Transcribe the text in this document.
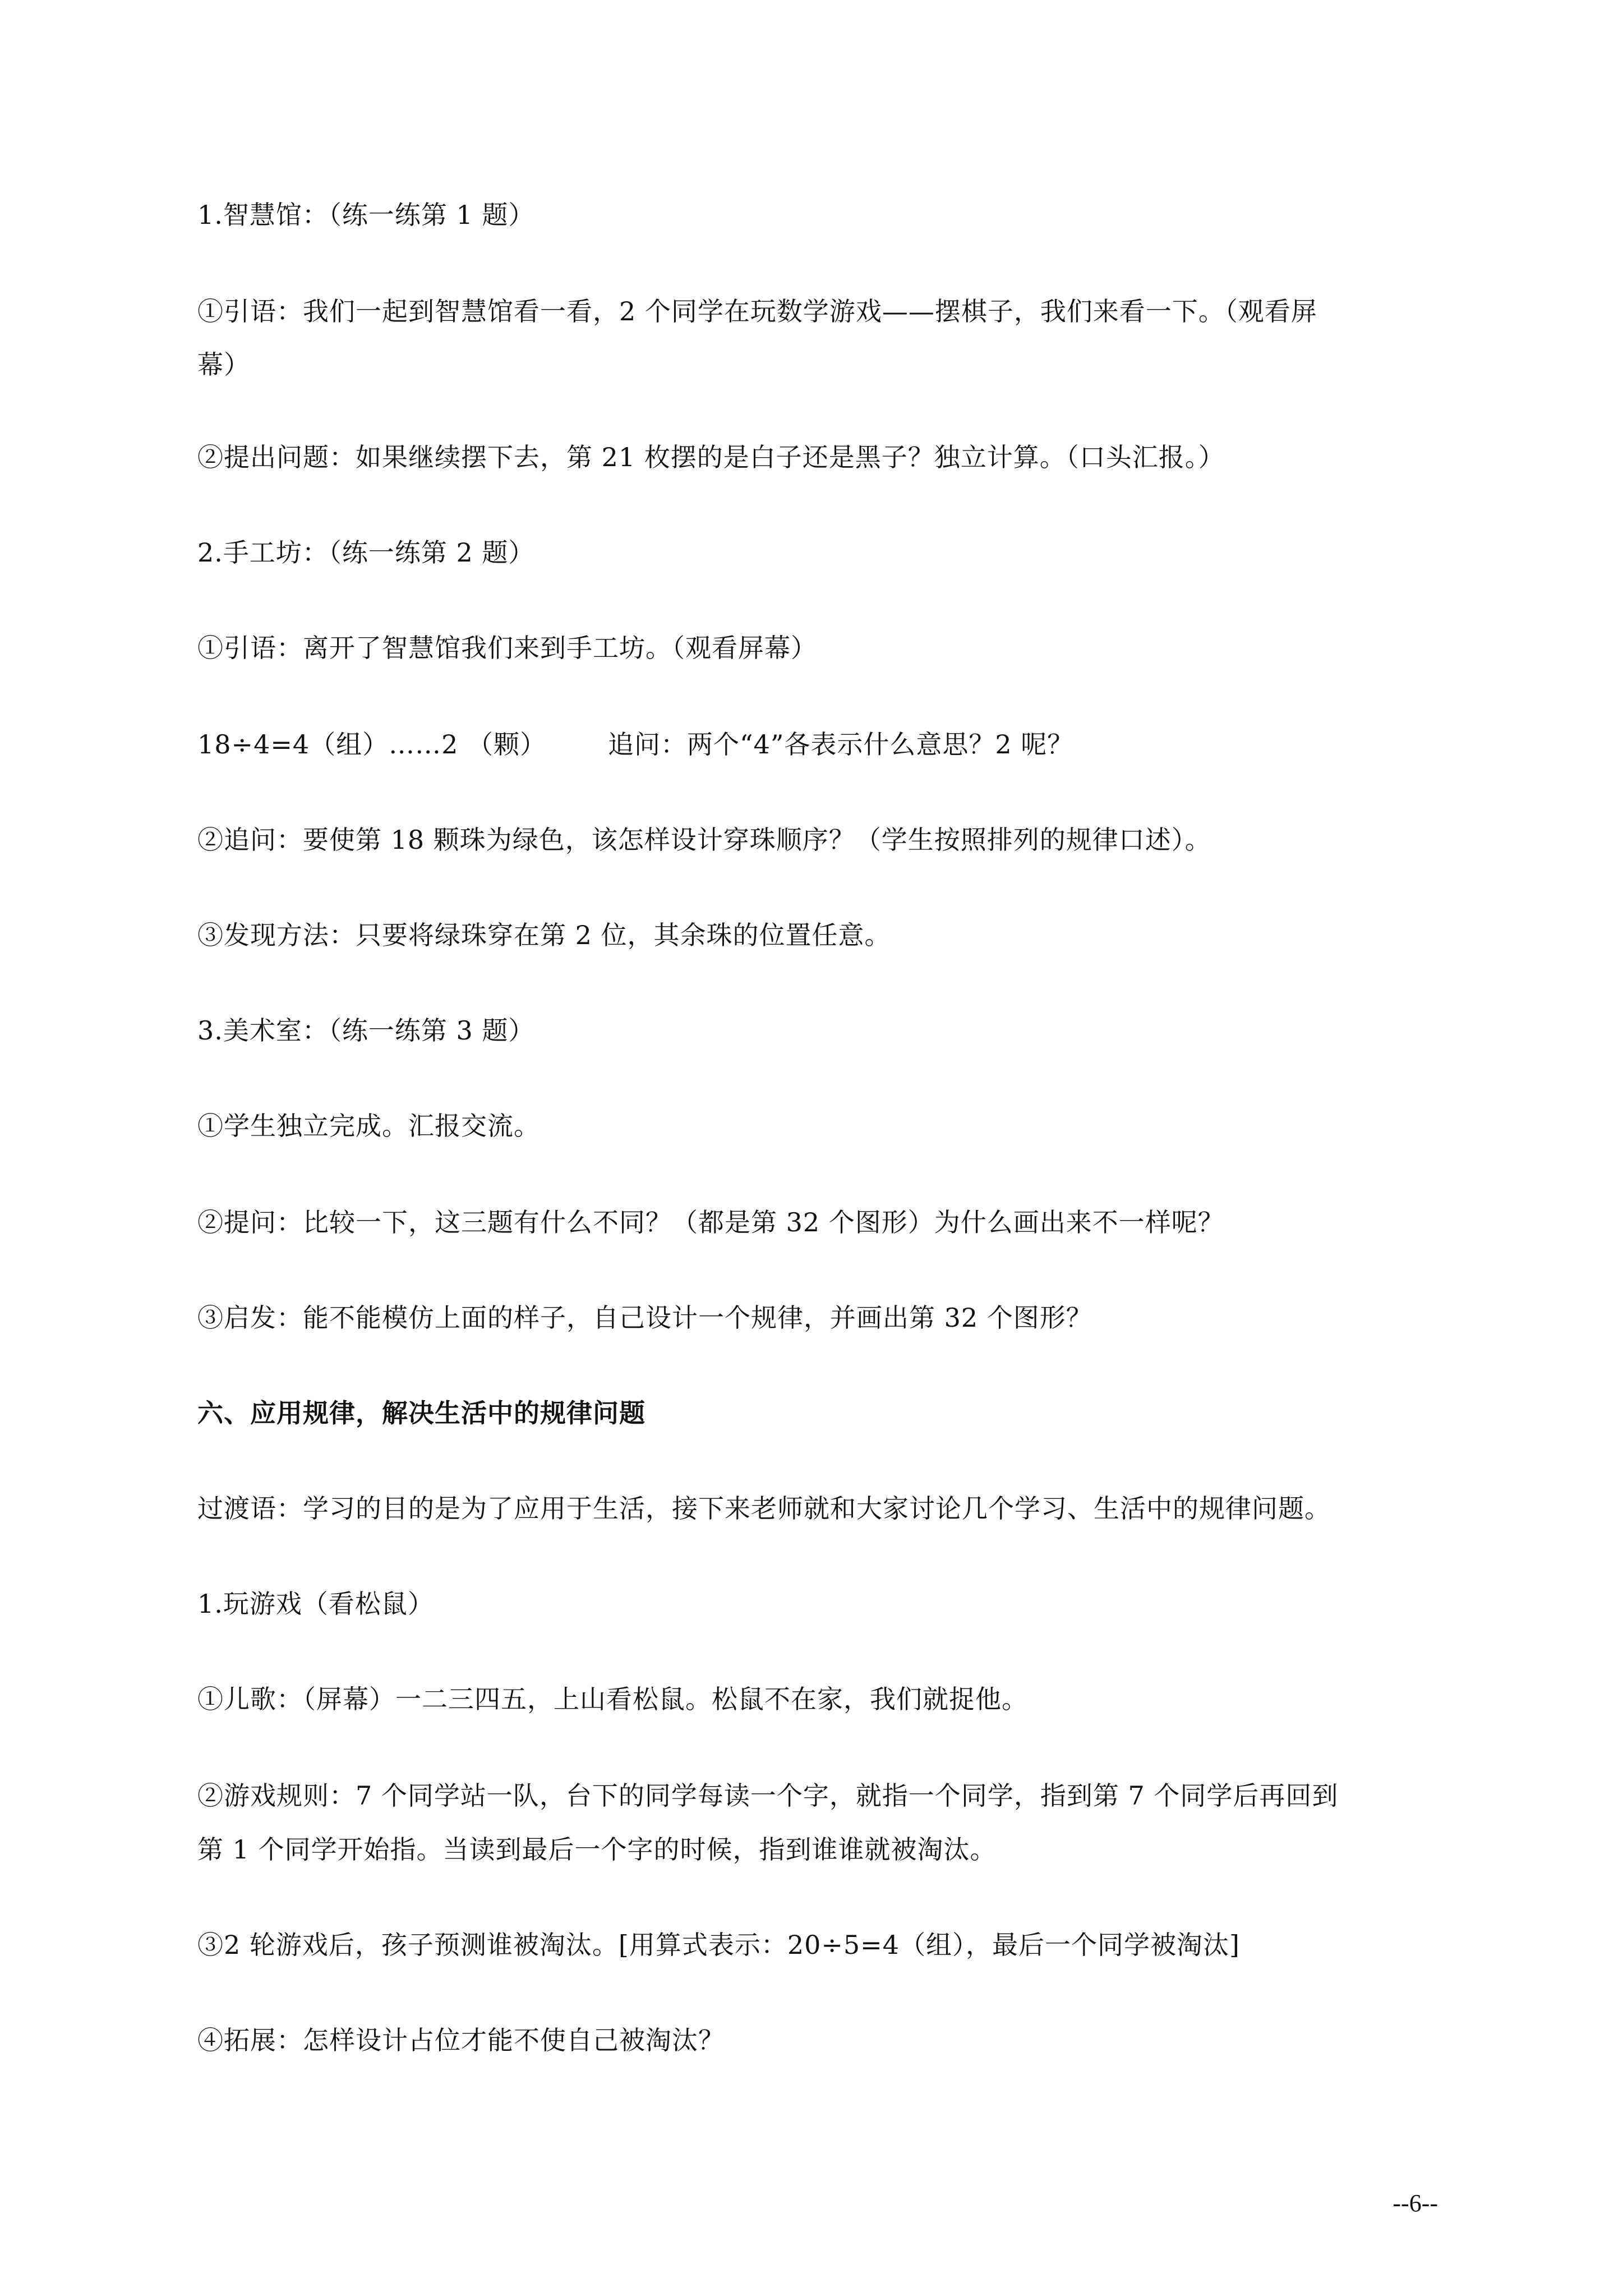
1.智慧馆：（练一练第 1 题）
①引语：我们一起到智慧馆看一看，2 个同学在玩数学游戏——摆棋子，我们来看一下。（观看屏
幕）
②提出问题：如果继续摆下去，第 21 枚摆的是白子还是黑子？独立计算。（口头汇报。）
2.手工坊：（练一练第 2 题）
①引语：离开了智慧馆我们来到手工坊。（观看屏幕）
18÷4=4（组）……2 （颗） 追问：两个“4”各表示什么意思？2 呢？
②追问：要使第 18 颗珠为绿色，该怎样设计穿珠顺序？（学生按照排列的规律口述）。
③发现方法：只要将绿珠穿在第 2 位，其余珠的位置任意。
3.美术室：（练一练第 3 题）
①学生独立完成。汇报交流。
②提问：比较一下，这三题有什么不同？（都是第 32 个图形）为什么画出来不一样呢？
③启发：能不能模仿上面的样子，自己设计一个规律，并画出第 32 个图形？
六、应用规律，解决生活中的规律问题
过渡语：学习的目的是为了应用于生活，接下来老师就和大家讨论几个学习、生活中的规律问题。
1.玩游戏（看松鼠）
①儿歌：（屏幕）一二三四五，上山看松鼠。松鼠不在家，我们就捉他。
②游戏规则：7 个同学站一队，台下的同学每读一个字，就指一个同学，指到第 7 个同学后再回到
第 1 个同学开始指。当读到最后一个字的时候，指到谁谁就被淘汰。
③2 轮游戏后，孩子预测谁被淘汰。[用算式表示：20÷5=4（组），最后一个同学被淘汰]
④拓展：怎样设计占位才能不使自己被淘汰？
--6--
